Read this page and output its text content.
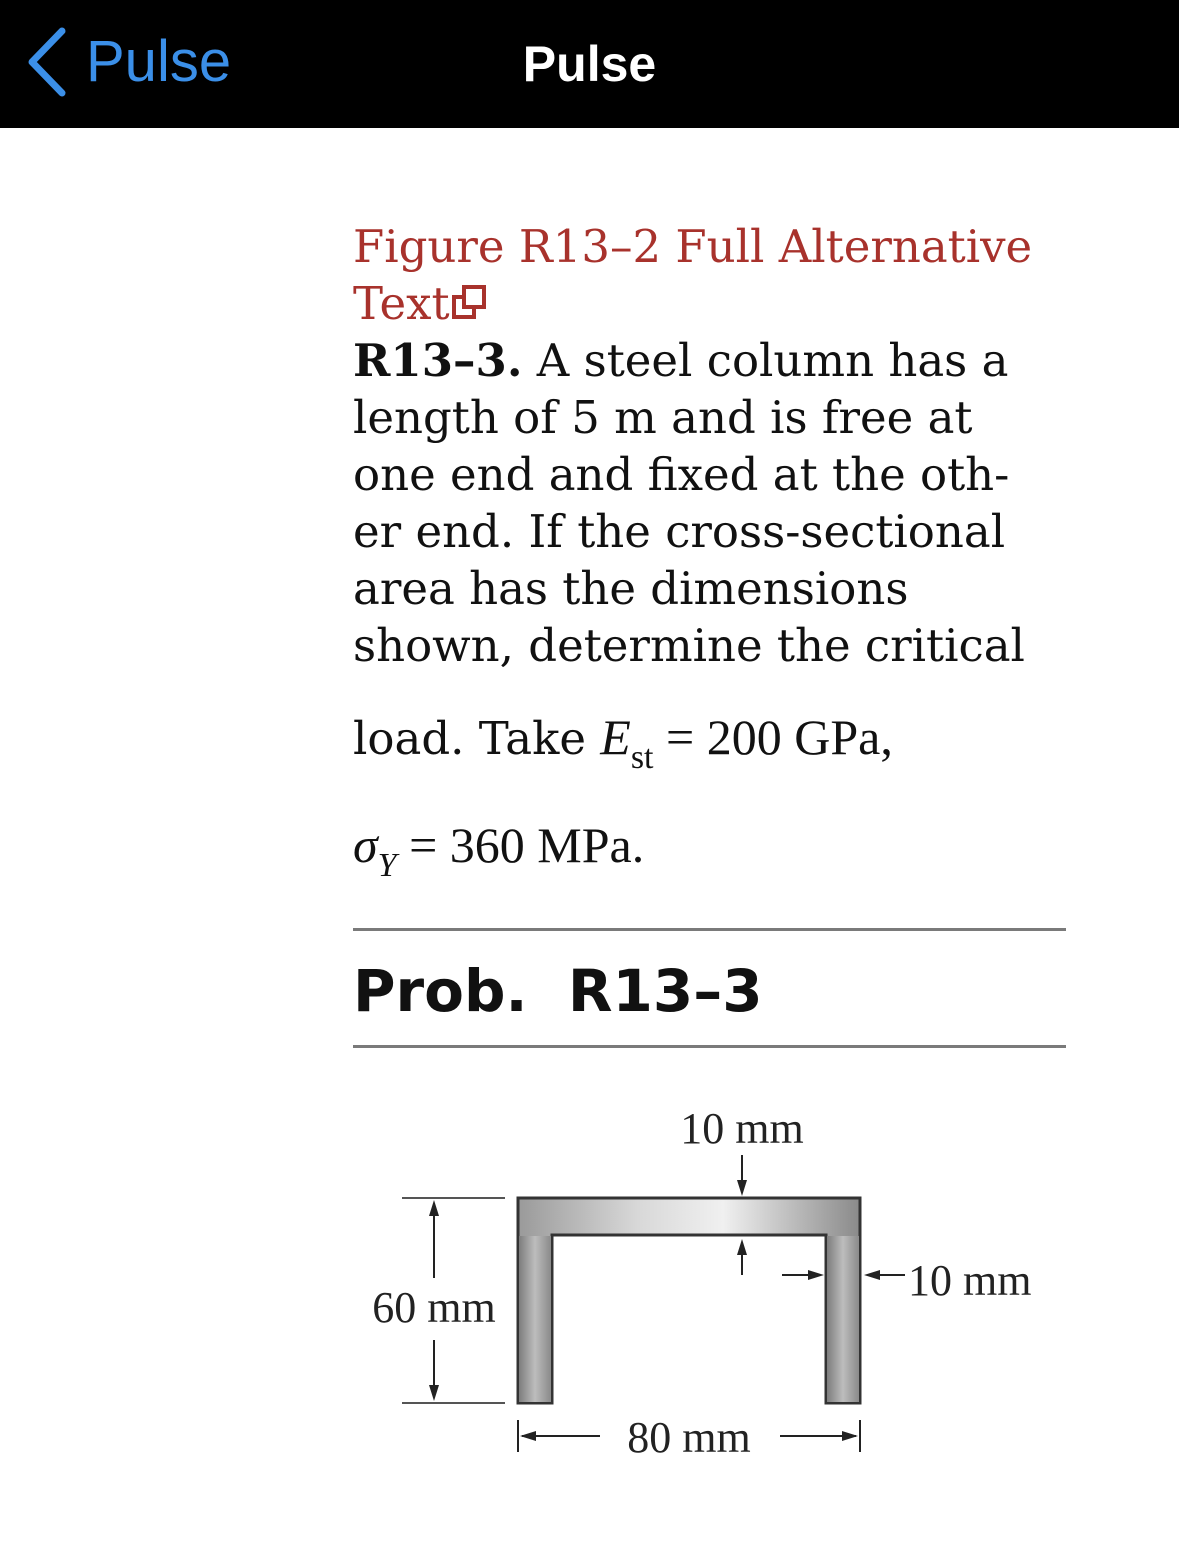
Pulse	Pulse
Figure R13–2 Full Alternative
Text
R13–3. A steel column has a length of 5 m and is free at one end and fixed at the oth-er end. If the cross-sectional area has the dimensions shown, determine the critical
load. Take $E_{st} = 200$ GPa,
$\sigma_Y = 360$ MPa.
Prob.  R13–3
60 mm
10 mm
10 mm
80 mm
